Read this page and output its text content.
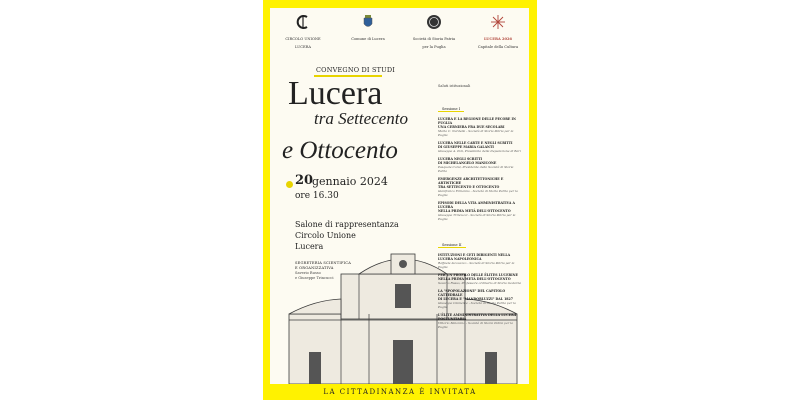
CIRCOLO UNIONE
LUCERA
Comune di Lucera	Società di Storia Patria
per la Puglia
LUCERA 2026
Capitale della Cultura
CONVEGNO DI STUDI
Lucera
tra Settecento
e Ottocento
20
gennaio 2024
ore 16.30
Salone di rappresentanza
Circolo Unione
Lucera
SEGRETERIA SCIENTIFICA
E ORGANIZZATIVA
Saverio Russo
e Giuseppe Trincucci
Saluti istituzionali
Sessione I
LUCERA E LA REGIONE DELLE PECORE IN PUGLIA
UNA CERNIERA FRA DUE SECOLARI
Maria C. Nardella - Società di Storia Patria per la Puglia
LUCERA NELLE CARTE E NEGLI SCRITTI
DI GIUSEPPE MARIA GALANTI
Giuseppe A. Poli, Presidente della Deputazione di Bari
LUCERA NEGLI SCRITTI
DI MICHELANGELO MANICONE
Pasquale Corsi, Presidente della Società di Storia Patria
EMERGENZE ARCHITETTONICHE E ARTISTICHE
TRA SETTECENTO E OTTOCENTO
Gianfranco Ermanno - Società di Storia Patria per la Puglia
EPISODI DELLA VITA AMMINISTRATIVA A LUCERA
NELLA PRIMA METÀ DELL'OTTOCENTO
Giuseppe Trincucci - Società di Storia Patria per la Puglia
Sessione II
ISTITUZIONI E CETI DIRIGENTI NELLA LUCERA NAPOLEONICA
Raffaele Iacovazzo - Società di Storia Patria per la Puglia
PER UN PROFILO DELLE ÉLITES LUCERINE
NELLA PRIMA METÀ DELL'OTTOCENTO
Saverio Russo, Professore ordinario di Storia moderna
LA "SPOPOLAZIONE" DEL CAPITOLO CATTEDRALE
DI LUCERA E "MANDORLUZZI" DAL 1827
Giuseppe Clemente - Società di Storia Patria per la Puglia
L'ÉLITE AMMINISTRATIVA DELLA LUCERA POSTUNITARIA
Vittorio Maiorano - Società di Storia Patria per la Puglia
LA CITTADINANZA È INVITATA
